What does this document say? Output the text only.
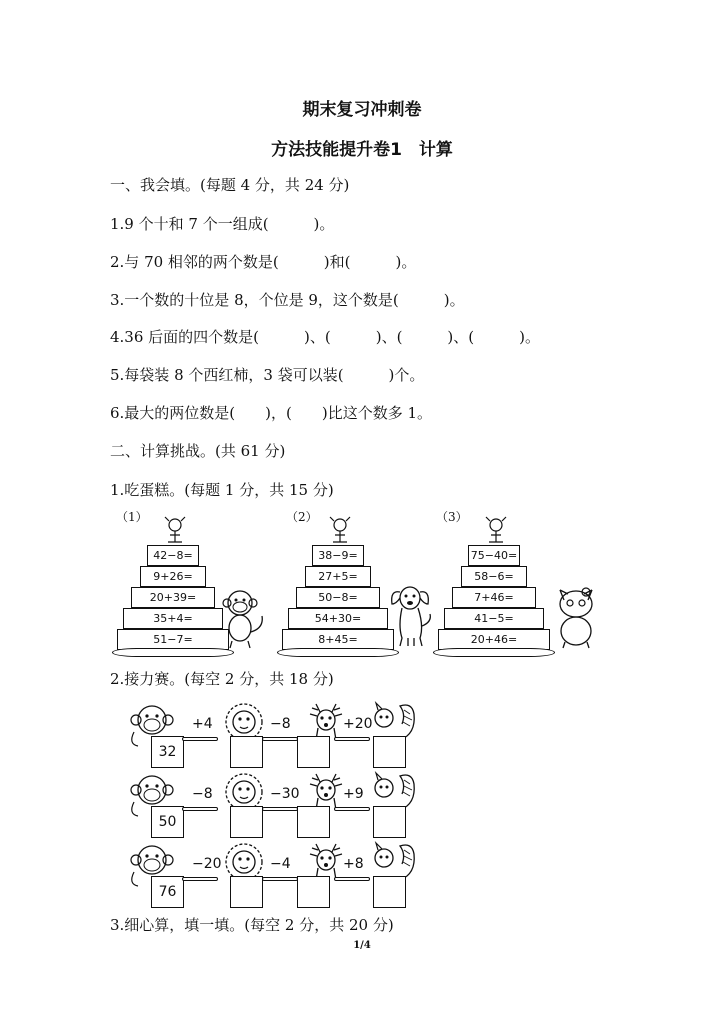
期末复习冲刺卷
方法技能提升卷1　计算
一、我会填。(每题 4 分，共 24 分)
1.9 个十和 7 个一组成(　　　)。
2.与 70 相邻的两个数是(　　　)和(　　　)。
3.一个数的十位是 8，个位是 9，这个数是(　　　)。
4.36 后面的四个数是(　　　)、(　　　)、(　　　)、(　　　)。
5.每袋装 8 个西红柿，3 袋可以装(　　　)个。
6.最大的两位数是(　　)，(　　)比这个数多 1。
二、计算挑战。(共 61 分)
1.吃蛋糕。(每题 1 分，共 15 分)
（1）
42−8=
9+26=
20+39=
35+4=
51−7=
（2）
38−9=
27+5=
50−8=
54+30=
8+45=
（3）
75−40=
58−6=
7+46=
41−5=
20+46=
2.接力赛。(每空 2 分，共 18 分)
32
+4	−8	+20
50
−8	−30	+9
76
−20	−4	+8
3.细心算，填一填。(每空 2 分，共 20 分)
1/4
